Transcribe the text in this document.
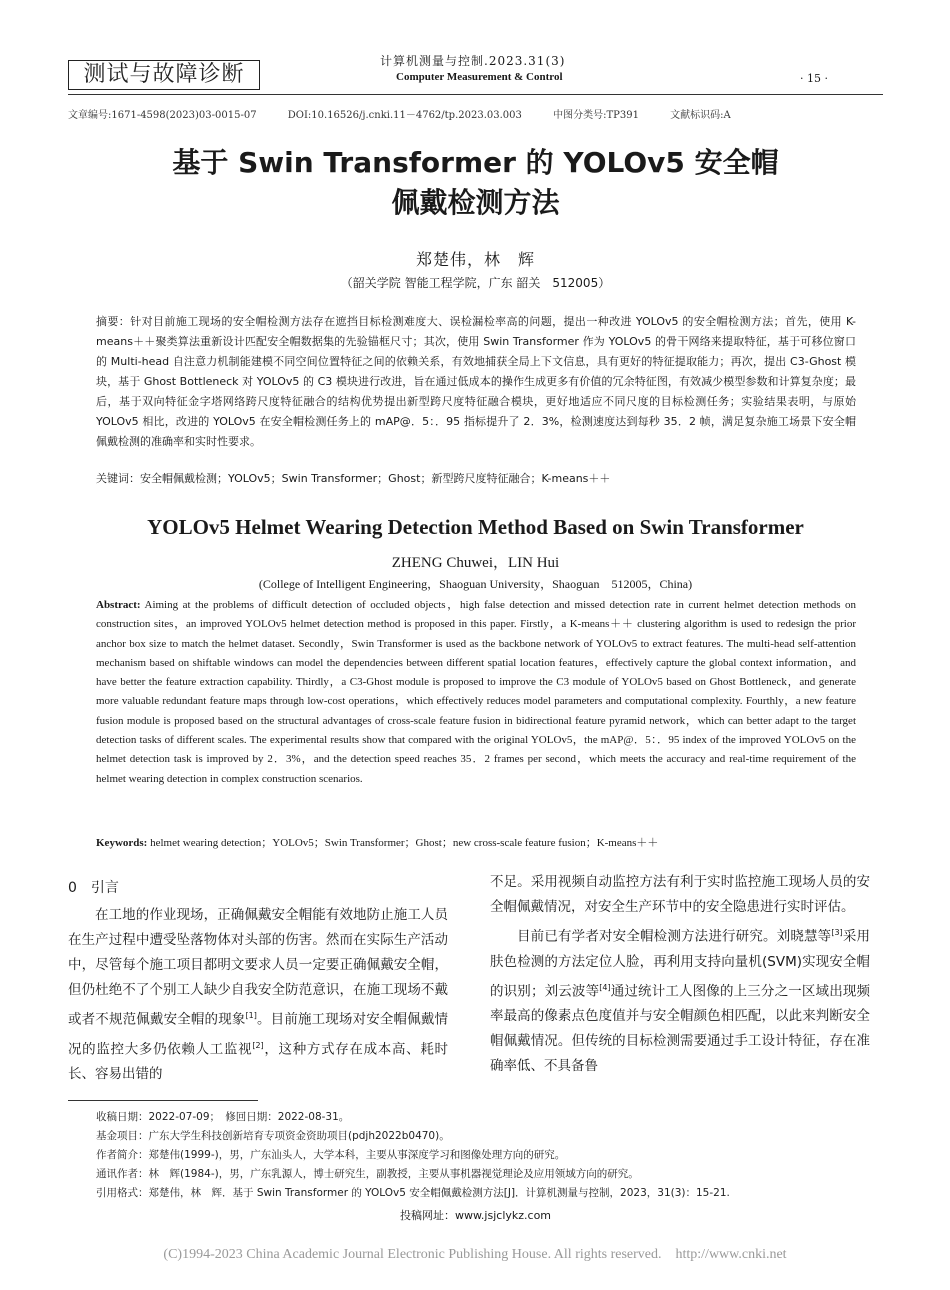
测试与故障诊断
计算机测量与控制.2023.31(3)
Computer Measurement & Control	· 15 ·
文章编号:1671-4598(2023)03-0015-07	DOI:10.16526/j.cnki.11－4762/tp.2023.03.003	中图分类号:TP391	文献标识码:A
基于 Swin Transformer 的 YOLOv5 安全帽
佩戴检测方法
郑楚伟，林　辉
（韶关学院 智能工程学院，广东 韶关　512005）
摘要：针对目前施工现场的安全帽检测方法存在遮挡目标检测难度大、误检漏检率高的问题，提出一种改进 YOLOv5 的安全帽检测方法；首先，使用 K-means＋＋聚类算法重新设计匹配安全帽数据集的先验锚框尺寸；其次，使用 Swin Transformer 作为 YOLOv5 的骨干网络来提取特征，基于可移位窗口的 Multi-head 自注意力机制能建模不同空间位置特征之间的依赖关系，有效地捕获全局上下文信息，具有更好的特征提取能力；再次，提出 C3-Ghost 模块，基于 Ghost Bottleneck 对 YOLOv5 的 C3 模块进行改进，旨在通过低成本的操作生成更多有价值的冗余特征图，有效减少模型参数和计算复杂度；最后，基于双向特征金字塔网络跨尺度特征融合的结构优势提出新型跨尺度特征融合模块，更好地适应不同尺度的目标检测任务；实验结果表明，与原始 YOLOv5 相比，改进的 YOLOv5 在安全帽检测任务上的 mAP@．5：．95 指标提升了 2．3%，检测速度达到每秒 35．2 帧，满足复杂施工场景下安全帽佩戴检测的准确率和实时性要求。
关键词：安全帽佩戴检测；YOLOv5；Swin Transformer；Ghost；新型跨尺度特征融合；K-means＋＋
YOLOv5 Helmet Wearing Detection Method Based on Swin Transformer
ZHENG Chuwei，LIN Hui
(College of Intelligent Engineering，Shaoguan University，Shaoguan　512005，China)
Abstract: Aiming at the problems of difficult detection of occluded objects，high false detection and missed detection rate in current helmet detection methods on construction sites，an improved YOLOv5 helmet detection method is proposed in this paper. Firstly，a K-means＋＋ clustering algorithm is used to redesign the prior anchor box size to match the helmet dataset. Secondly，Swin Transformer is used as the backbone network of YOLOv5 to extract features. The multi-head self-attention mechanism based on shiftable windows can model the dependencies between different spatial location features，effectively capture the global context information，and have better the feature extraction capability. Thirdly，a C3-Ghost module is proposed to improve the C3 module of YOLOv5 based on Ghost Bottleneck，and generate more valuable redundant feature maps through low-cost operations，which effectively reduces model parameters and computational complexity. Fourthly，a new feature fusion module is proposed based on the structural advantages of cross-scale feature fusion in bidirectional feature pyramid network，which can better adapt to the target detection tasks of different scales. The experimental results show that compared with the original YOLOv5，the mAP@．5：．95 index of the improved YOLOv5 on the helmet detection task is improved by 2．3%，and the detection speed reaches 35．2 frames per second，which meets the accuracy and real-time requirement of the helmet wearing detection in complex construction scenarios.
Keywords: helmet wearing detection；YOLOv5；Swin Transformer；Ghost；new cross-scale feature fusion；K-means＋＋
0　引言

在工地的作业现场，正确佩戴安全帽能有效地防止施工人员在生产过程中遭受坠落物体对头部的伤害。然而在实际生产活动中，尽管每个施工项目都明文要求人员一定要正确佩戴安全帽，但仍杜绝不了个别工人缺少自我安全防范意识，在施工现场不戴或者不规范佩戴安全帽的现象[1]。目前施工现场对安全帽佩戴情况的监控大多仍依赖人工监视[2]，这种方式存在成本高、耗时长、容易出错的

不足。采用视频自动监控方法有利于实时监控施工现场人员的安全帽佩戴情况，对安全生产环节中的安全隐患进行实时评估。

目前已有学者对安全帽检测方法进行研究。刘晓慧等[3]采用肤色检测的方法定位人脸，再利用支持向量机(SVM)实现安全帽的识别；刘云波等[4]通过统计工人图像的上三分之一区域出现频率最高的像素点色度值并与安全帽颜色相匹配，以此来判断安全帽佩戴情况。但传统的目标检测需要通过手工设计特征，存在准确率低、不具备鲁

收稿日期：2022-07-09；　修回日期：2022-08-31。
基金项目：广东大学生科技创新培育专项资金资助项目(pdjh2022b0470)。
作者简介：郑楚伟(1999-)，男，广东汕头人，大学本科，主要从事深度学习和图像处理方向的研究。
通讯作者：林　辉(1984-)，男，广东乳源人，博士研究生，副教授，主要从事机器视觉理论及应用领域方向的研究。
引用格式：郑楚伟，林　辉．基于 Swin Transformer 的 YOLOv5 安全帽佩戴检测方法[J]．计算机测量与控制，2023，31(3)：15-21.
投稿网址：www.jsjclykz.com
(C)1994-2023 China Academic Journal Electronic Publishing House. All rights reserved.　http://www.cnki.net
